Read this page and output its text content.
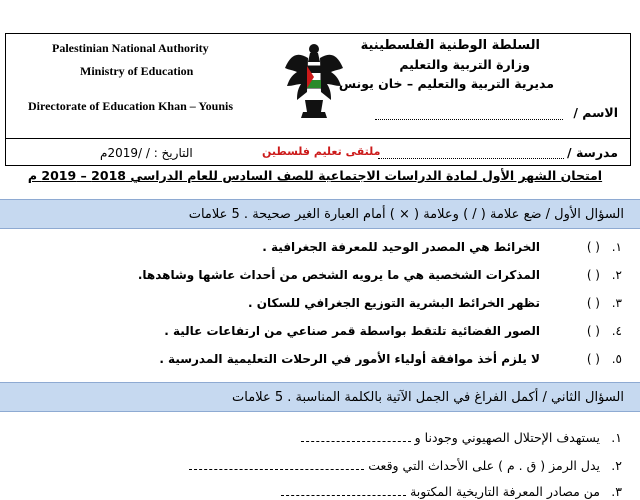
Palestinian National Authority
Ministry of Education
Directorate of Education Khan – Younis
السلطة الوطنية الفلسطينية
وزارة التربية والتعليم
مديرية التربية والتعليم – خان يونس
الاسم /
مدرسة /
ملتقى تعليم فلسطين
التاريخ : / /2019م
امتحان الشهر الأول لمادة الدراسات الاجتماعية للصف السادس للعام الدراسي 2018 – 2019 م
السؤال الأول / ضع علامة ( / ) وعلامة ( × ) أمام العبارة الغير صحيحة . 5 علامات
١.( )الخرائط هي المصدر الوحيد للمعرفة الجغرافية .
٢.( )المذكرات الشخصية هي ما يرويه الشخص من أحداث عاشها وشاهدها.
٣.( )تظهر الخرائط البشرية التوزيع الجغرافي للسكان .
٤.( )الصور الفضائية تلتقط بواسطة قمر صناعي من ارتفاعات عالية .
٥.( )لا يلزم أخذ موافقة أولياء الأمور في الرحلات التعليمية المدرسية .
السؤال الثاني / أكمل الفراغ في الجمل الآتية بالكلمة المناسبة . 5 علامات
١.يستهدف الإحتلال الصهيوني وجودنا و
٢.يدل الرمز ( ق . م ) على الأحداث التي وقعت
٣.من مصادر المعرفة التاريخية المكتوبة
